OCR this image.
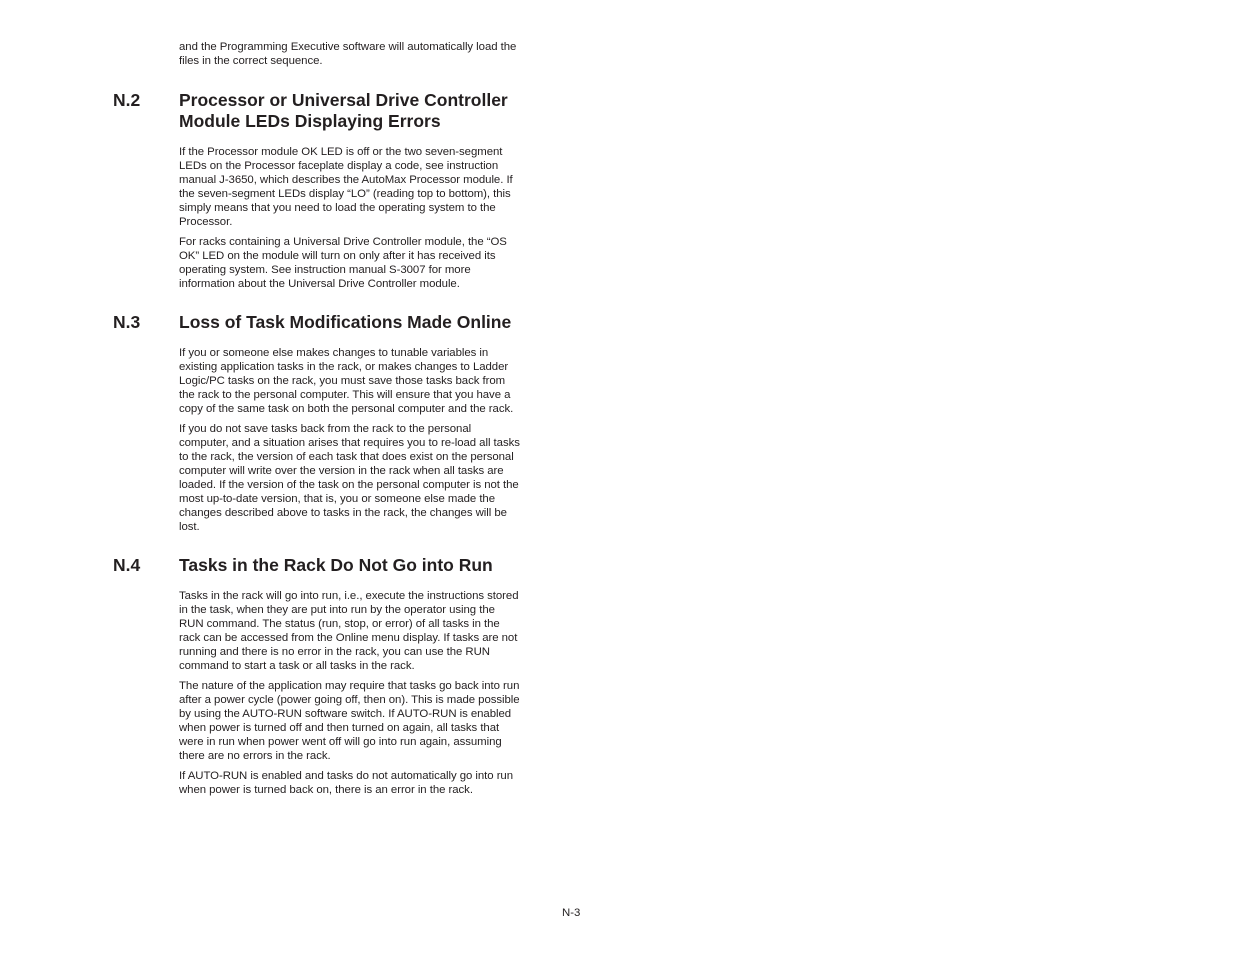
and the Programming Executive software will automatically load the
files in the correct sequence.

N.2 Processor or Universal Drive Controller
Module LEDs Displaying Errors

If the Processor module OK LED is off or the two seven-segment
LEDs on the Processor faceplate display a code, see instruction
manual J-3650, which describes the AutoMax Processor module. If
the seven-segment LEDs display “LO” (reading top to bottom), this
simply means that you need to load the operating system to the
Processor.

For racks containing a Universal Drive Controller module, the “OS
OK” LED on the module will turn on only after it has received its
operating system. See instruction manual S-3007 for more
information about the Universal Drive Controller module.

N.3 Loss of Task Modifications Made Online

If you or someone else makes changes to tunable variables in
existing application tasks in the rack, or makes changes to Ladder
Logic/PC tasks on the rack, you must save those tasks back from
the rack to the personal computer. This will ensure that you have a
copy of the same task on both the personal computer and the rack.

If you do not save tasks back from the rack to the personal
computer, and a situation arises that requires you to re-load all tasks
to the rack, the version of each task that does exist on the personal
computer will write over the version in the rack when all tasks are
loaded. If the version of the task on the personal computer is not the
most up-to-date version, that is, you or someone else made the
changes described above to tasks in the rack, the changes will be
lost.

N.4 Tasks in the Rack Do Not Go into Run

Tasks in the rack will go into run, i.e., execute the instructions stored
in the task, when they are put into run by the operator using the
RUN command. The status (run, stop, or error) of all tasks in the
rack can be accessed from the Online menu display. If tasks are not
running and there is no error in the rack, you can use the RUN
command to start a task or all tasks in the rack.

The nature of the application may require that tasks go back into run
after a power cycle (power going off, then on). This is made possible
by using the AUTO-RUN software switch. If AUTO-RUN is enabled
when power is turned off and then turned on again, all tasks that
were in run when power went off will go into run again, assuming
there are no errors in the rack.

If AUTO-RUN is enabled and tasks do not automatically go into run
when power is turned back on, there is an error in the rack.

N-3
